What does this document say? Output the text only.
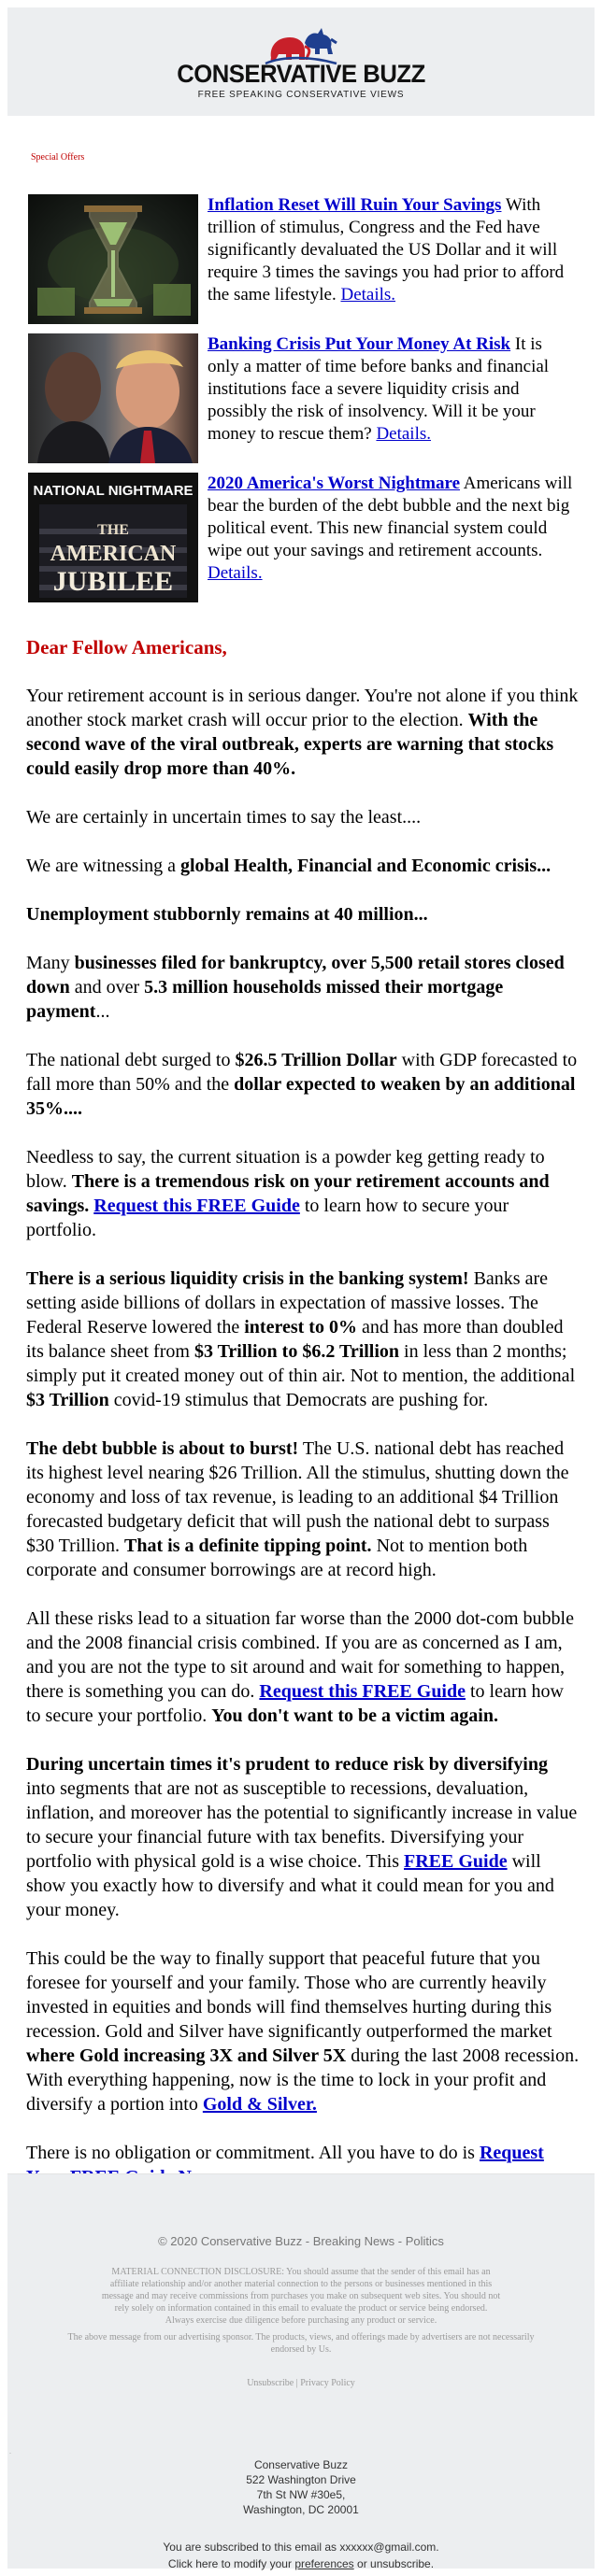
CONSERVATIVE BUZZ
FREE SPEAKING CONSERVATIVE VIEWS
Special Offers
Inflation Reset Will Ruin Your Savings With trillion of stimulus, Congress and the Fed have significantly devaluated the US Dollar and it will require 3 times the savings you had prior to afford the same lifestyle. Details.
Banking Crisis Put Your Money At Risk It is only a matter of time before banks and financial institutions face a severe liquidity crisis and possibly the risk of insolvency. Will it be your money to rescue them? Details.
NATIONAL NIGHTMARE
THE
AMERICAN
JUBILEE
2020 America's Worst Nightmare Americans will bear the burden of the debt bubble and the next big political event. This new financial system could wipe out your savings and retirement accounts. Details.

Dear Fellow Americans,

Your retirement account is in serious danger. You're not alone if you think another stock market crash will occur prior to the election. With the second wave of the viral outbreak, experts are warning that stocks could easily drop more than 40%.

We are certainly in uncertain times to say the least....

We are witnessing a global Health, Financial and Economic crisis...

Unemployment stubbornly remains at 40 million...

Many businesses filed for bankruptcy, over 5,500 retail stores closed down and over 5.3 million households missed their mortgage payment...

The national debt surged to $26.5 Trillion Dollar with GDP forecasted to fall more than 50% and the dollar expected to weaken by an additional 35%....

Needless to say, the current situation is a powder keg getting ready to blow. There is a tremendous risk on your retirement accounts and savings. Request this FREE Guide to learn how to secure your portfolio.

There is a serious liquidity crisis in the banking system! Banks are setting aside billions of dollars in expectation of massive losses. The Federal Reserve lowered the interest to 0% and has more than doubled its balance sheet from $3 Trillion to $6.2 Trillion in less than 2 months; simply put it created money out of thin air. Not to mention, the additional $3 Trillion covid-19 stimulus that Democrats are pushing for.

The debt bubble is about to burst! The U.S. national debt has reached its highest level nearing $26 Trillion. All the stimulus, shutting down the economy and loss of tax revenue, is leading to an additional $4 Trillion forecasted budgetary deficit that will push the national debt to surpass $30 Trillion. That is a definite tipping point. Not to mention both corporate and consumer borrowings are at record high.

All these risks lead to a situation far worse than the 2000 dot-com bubble and the 2008 financial crisis combined. If you are as concerned as I am, and you are not the type to sit around and wait for something to happen, there is something you can do. Request this FREE Guide to learn how to secure your portfolio. You don't want to be a victim again.

During uncertain times it's prudent to reduce risk by diversifying into segments that are not as susceptible to recessions, devaluation, inflation, and moreover has the potential to significantly increase in value to secure your financial future with tax benefits. Diversifying your portfolio with physical gold is a wise choice. This FREE Guide will show you exactly how to diversify and what it could mean for you and your money.

This could be the way to finally support that peaceful future that you foresee for yourself and your family. Those who are currently heavily invested in equities and bonds will find themselves hurting during this recession. Gold and Silver have significantly outperformed the market where Gold increasing 3X and Silver 5X during the last 2008 recession. With everything happening, now is the time to lock in your profit and diversify a portion into Gold & Silver.

There is no obligation or commitment. All you have to do is Request

© 2020 Conservative Buzz - Breaking News - Politics
MATERIAL CONNECTION DISCLOSURE: You should assume that the sender of this email has an affiliate relationship and/or another material connection to the persons or businesses mentioned in this message and may receive commissions from purchases you make on subsequent web sites. You should not rely solely on information contained in this email to evaluate the product or service being endorsed. Always exercise due diligence before purchasing any product or service.
The above message from our advertising sponsor. The products, views, and offerings made by advertisers are not necessarily endorsed by Us.
Unsubscribe | Privacy Policy
.
Conservative Buzz
522 Washington Drive
7th St NW #30e5,
Washington, DC 20001
You are subscribed to this email as xxxxxx@gmail.com.
Click here to modify your preferences or unsubscribe.
